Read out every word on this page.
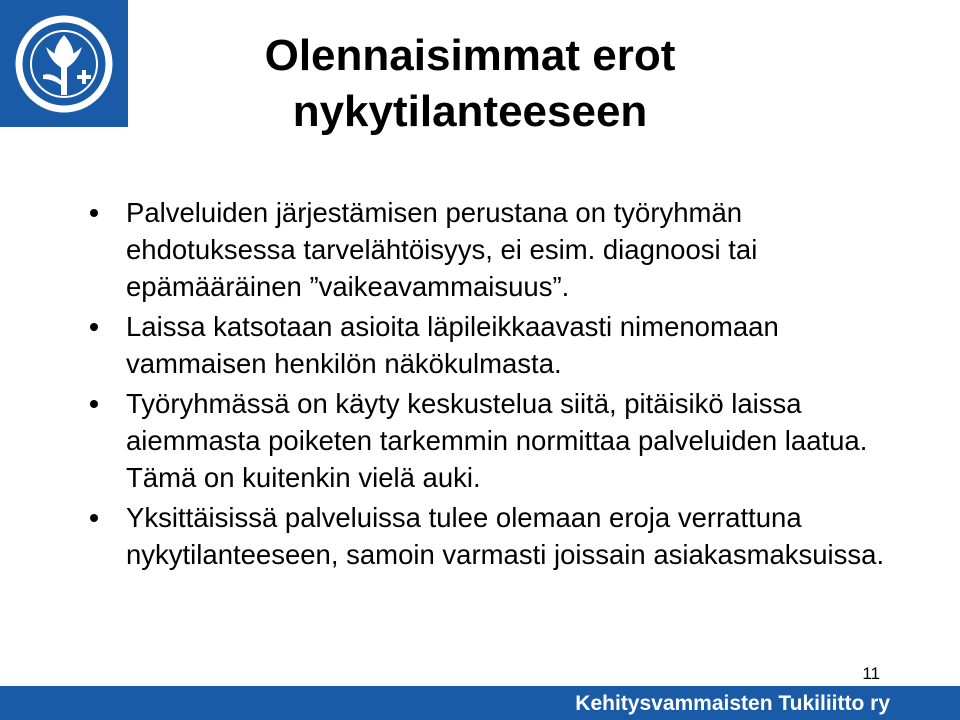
Olennaisimmat erot
nykytilanteeseen
Palveluiden järjestämisen perustana on työryhmän ehdotuksessa tarvelähtöisyys, ei esim. diagnoosi tai epämääräinen ”vaikeavammaisuus”.
Laissa katsotaan asioita läpileikkaavasti nimenomaan vammaisen henkilön näkökulmasta.
Työryhmässä on käyty keskustelua siitä, pitäisikö laissa aiemmasta poiketen tarkemmin normittaa palveluiden laatua. Tämä on kuitenkin vielä auki.
Yksittäisissä palveluissa tulee olemaan eroja verrattuna nykytilanteeseen, samoin varmasti joissain asiakasmaksuissa.
11
Kehitysvammaisten Tukiliitto ry
